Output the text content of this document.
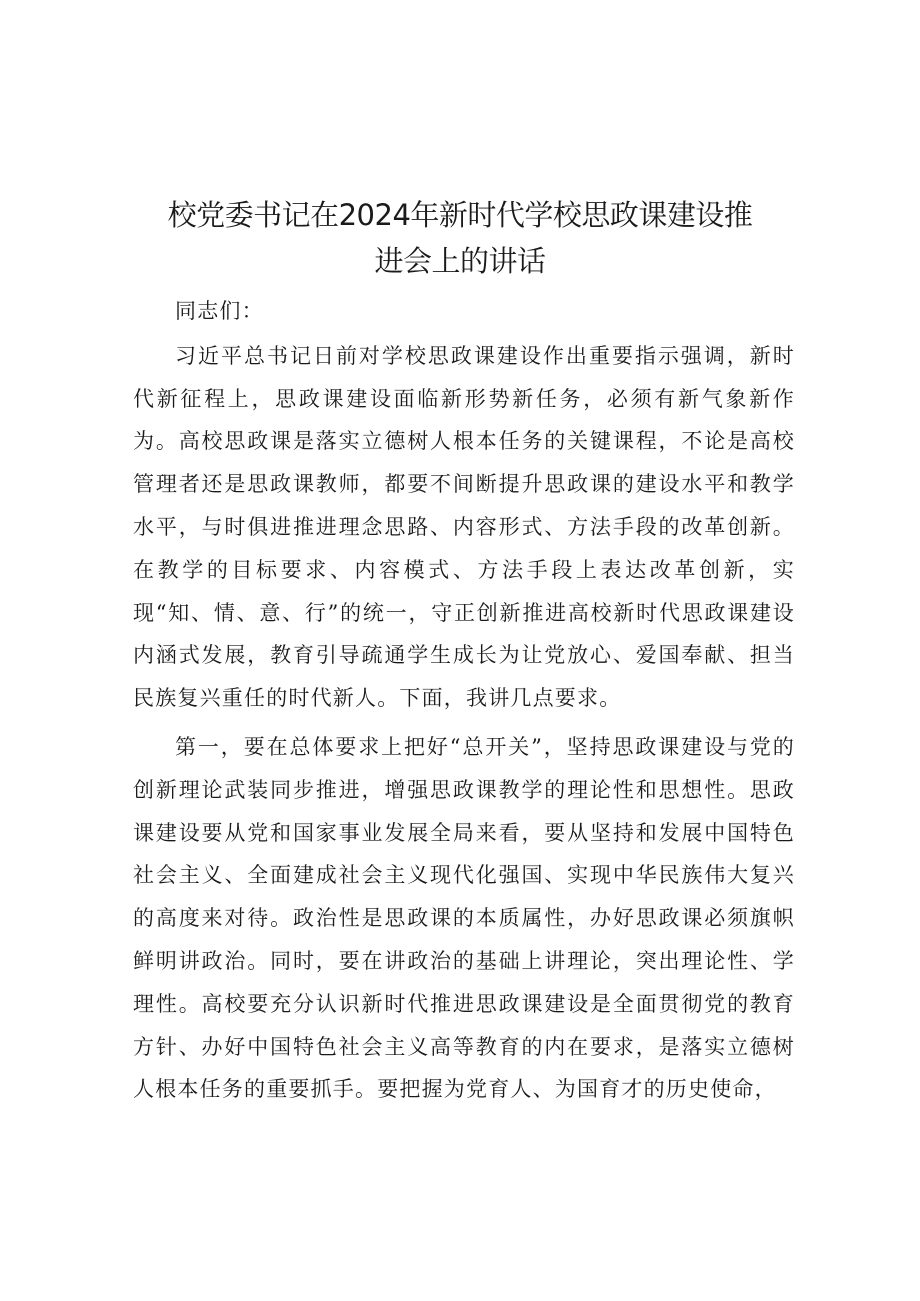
校党委书记在2024年新时代学校思政课建设推
进会上的讲话

同志们：

习近平总书记日前对学校思政课建设作出重要指示强调，新时代新征程上，思政课建设面临新形势新任务，必须有新气象新作为。高校思政课是落实立德树人根本任务的关键课程，不论是高校管理者还是思政课教师，都要不间断提升思政课的建设水平和教学水平，与时俱进推进理念思路、内容形式、方法手段的改革创新。在教学的目标要求、内容模式、方法手段上表达改革创新，实现“知、情、意、行”的统一，守正创新推进高校新时代思政课建设内涵式发展，教育引导疏通学生成长为让党放心、爱国奉献、担当民族复兴重任的时代新人。下面，我讲几点要求。

第一，要在总体要求上把好“总开关”，坚持思政课建设与党的创新理论武装同步推进，增强思政课教学的理论性和思想性。思政课建设要从党和国家事业发展全局来看，要从坚持和发展中国特色社会主义、全面建成社会主义现代化强国、实现中华民族伟大复兴的高度来对待。政治性是思政课的本质属性，办好思政课必须旗帜鲜明讲政治。同时，要在讲政治的基础上讲理论，突出理论性、学理性。高校要充分认识新时代推进思政课建设是全面贯彻党的教育方针、办好中国特色社会主义高等教育的内在要求，是落实立德树人根本任务的重要抓手。要把握为党育人、为国育才的历史使命，
